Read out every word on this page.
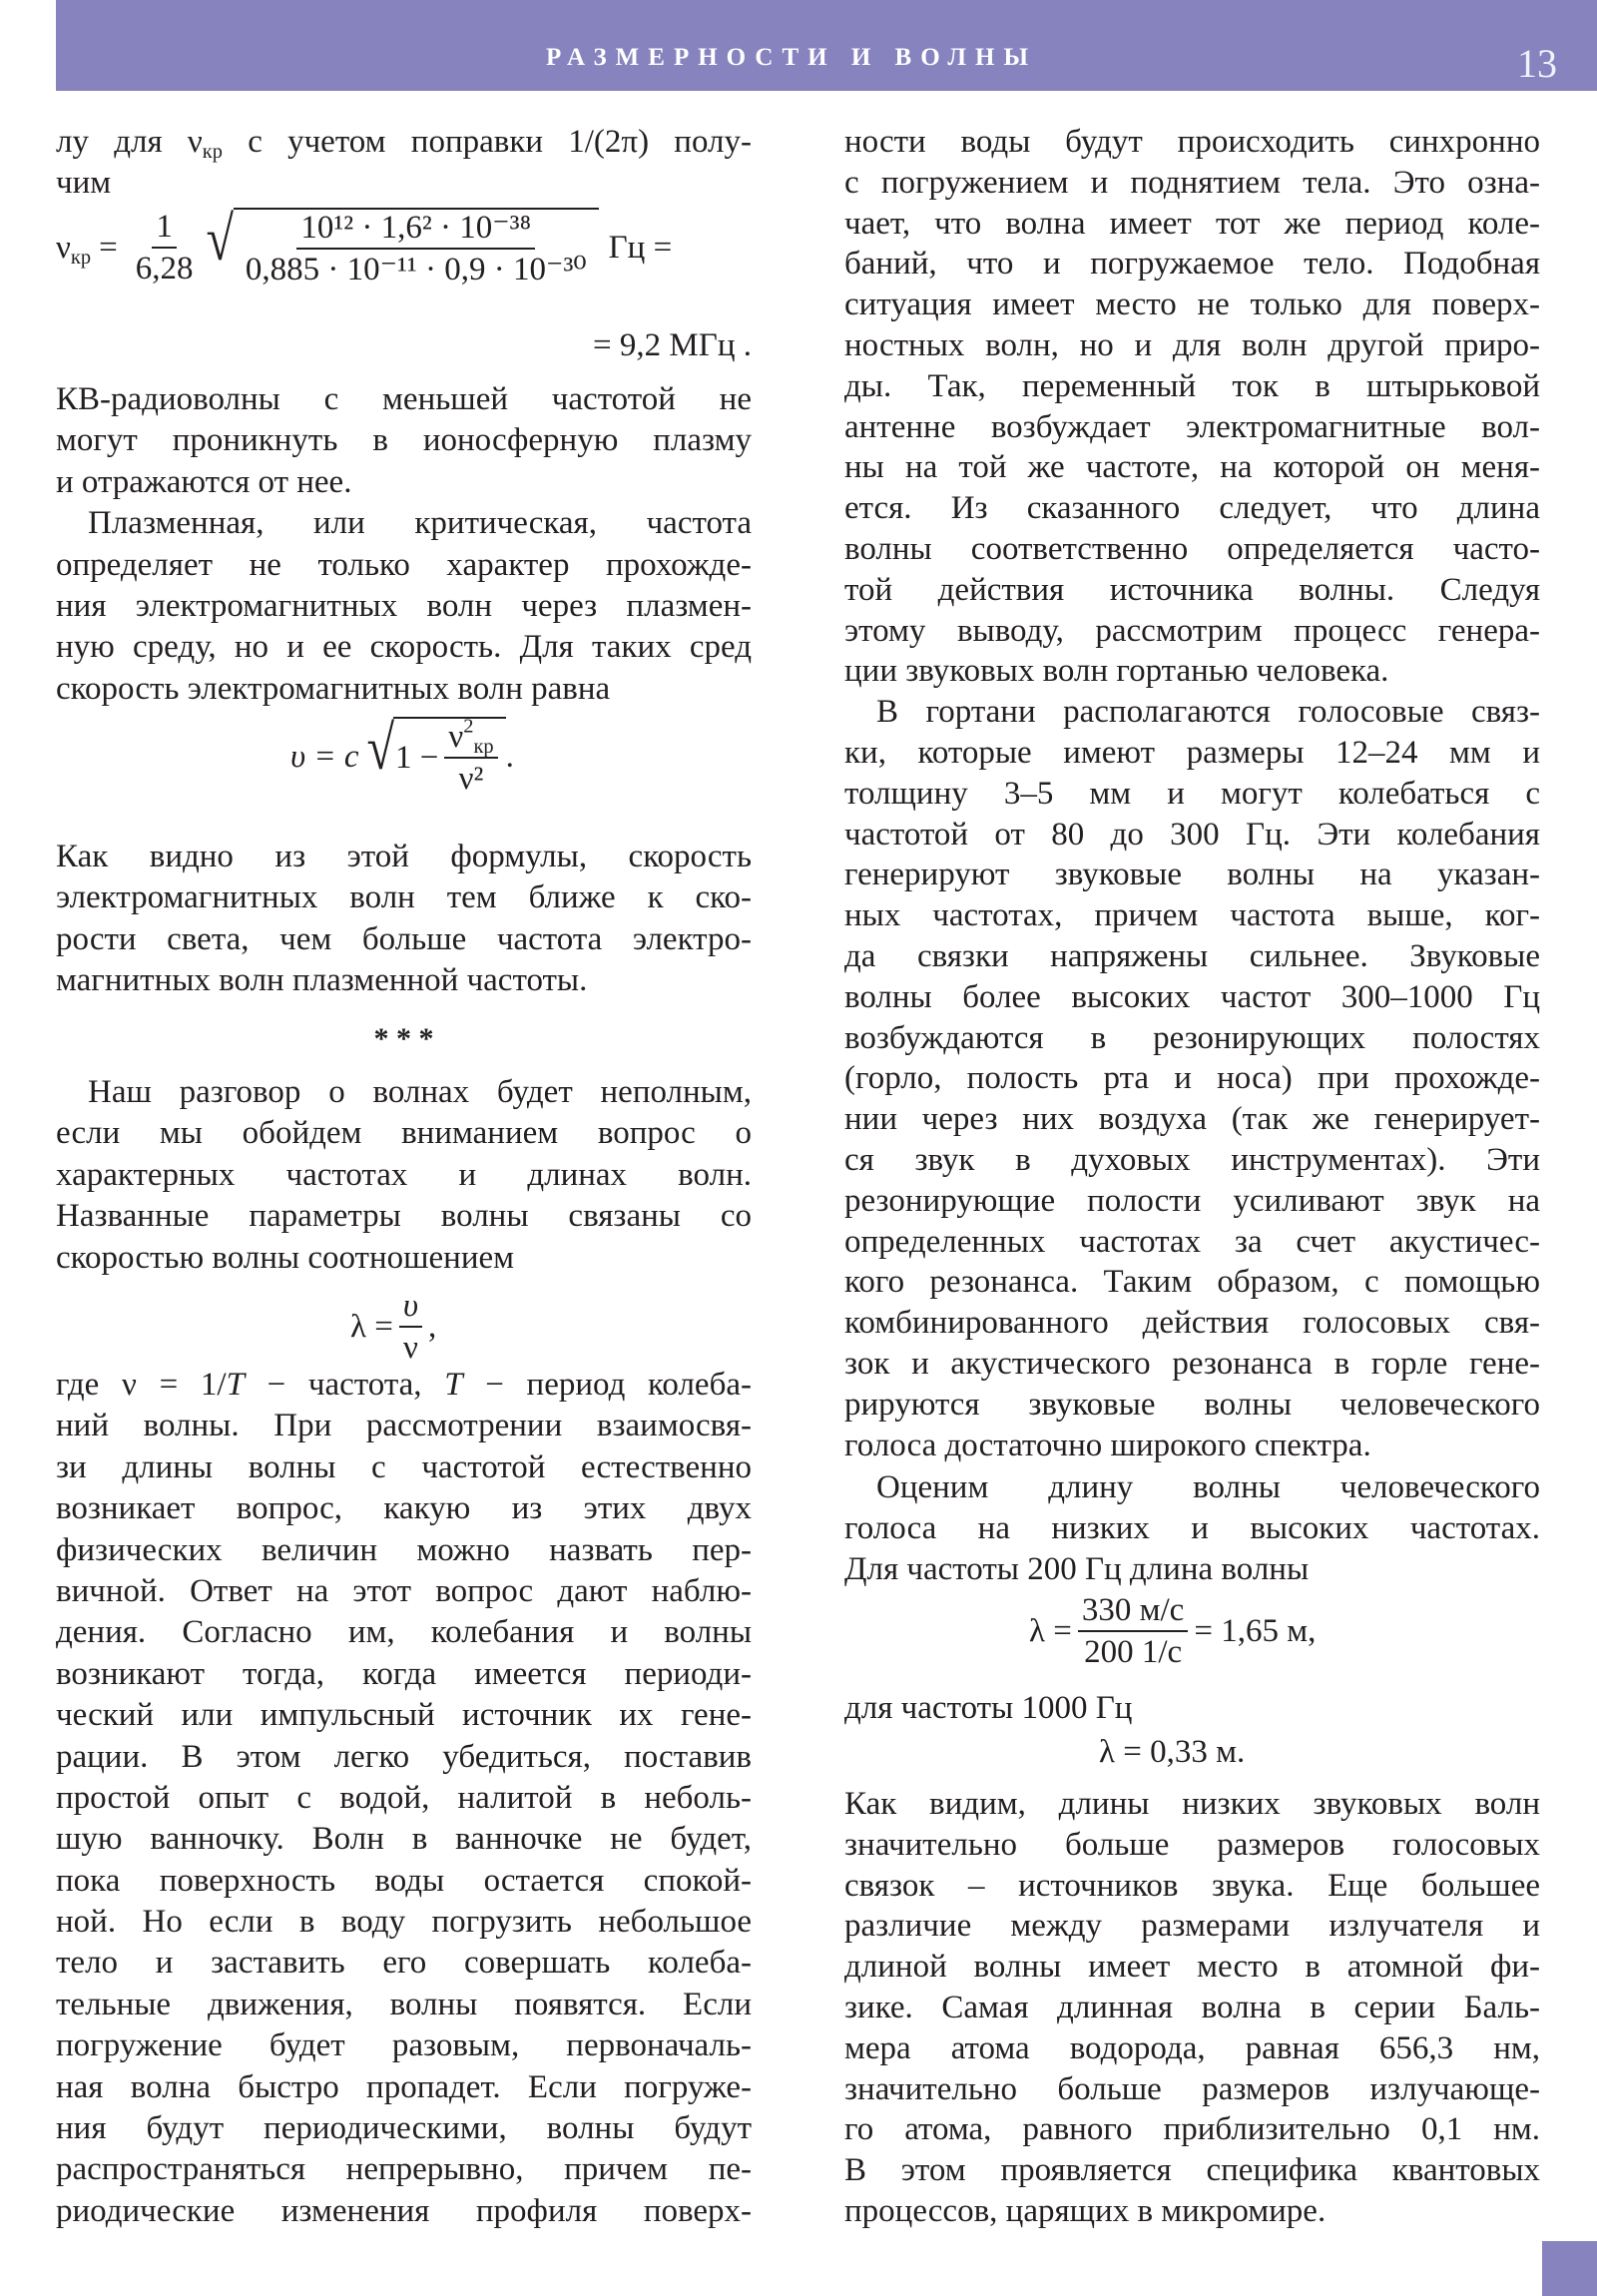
РАЗМЕРНОСТИ И ВОЛНЫ	13
лу для $\nu_{кр}$ с учетом поправки 1/(2π) полу-
чим
$\nu_{кр} = \frac{1}{6,28}$ √ $\frac{\text{10¹² · 1,6² · 10⁻³⁸}}{\text{0,885 · 10⁻¹¹ · 0,9 · 10⁻³⁰}}$ Гц =
= 9,2 МГц .
КВ-радиоволны с меньшей частотой не
могут проникнуть в ионосферную плазму
и отражаются от нее.
Плазменная, или критическая, частота
определяет не только характер прохожде-
ния электромагнитных волн через плазмен-
ную среду, но и ее скорость. Для таких сред
скорость электромагнитных волн равна
υ = c √ $1 - \frac{\nu^2_{кр}}{\text{ν²}}$ .
Как видно из этой формулы, скорость
электромагнитных волн тем ближе к ско-
рости света, чем больше частота электро-
магнитных волн плазменной частоты.
* * *
Наш разговор о волнах будет неполным,
если мы обойдем вниманием вопрос о
характерных частотах и длинах волн.
Названные параметры волны связаны со
скоростью волны соотношением
$\lambda = \frac{\upsilon}{\nu}$ ,
где ν = 1/T − частота, T − период колеба-
ний волны. При рассмотрении взаимосвя-
зи длины волны с частотой естественно
возникает вопрос, какую из этих двух
физических величин можно назвать пер-
вичной. Ответ на этот вопрос дают наблю-
дения. Согласно им, колебания и волны
возникают тогда, когда имеется периоди-
ческий или импульсный источник их гене-
рации. В этом легко убедиться, поставив
простой опыт с водой, налитой в неболь-
шую ванночку. Волн в ванночке не будет,
пока поверхность воды остается спокой-
ной. Но если в воду погрузить небольшое
тело и заставить его совершать колеба-
тельные движения, волны появятся. Если
погружение будет разовым, первоначаль-
ная волна быстро пропадет. Если погруже-
ния будут периодическими, волны будут
распространяться непрерывно, причем пе-
риодические изменения профиля поверх-
ности воды будут происходить синхронно
с погружением и поднятием тела. Это озна-
чает, что волна имеет тот же период коле-
баний, что и погружаемое тело. Подобная
ситуация имеет место не только для поверх-
ностных волн, но и для волн другой приро-
ды. Так, переменный ток в штырьковой
антенне возбуждает электромагнитные вол-
ны на той же частоте, на которой он меня-
ется. Из сказанного следует, что длина
волны соответственно определяется часто-
той действия источника волны. Следуя
этому выводу, рассмотрим процесс генера-
ции звуковых волн гортанью человека.
В гортани располагаются голосовые связ-
ки, которые имеют размеры 12–24 мм и
толщину 3–5 мм и могут колебаться с
частотой от 80 до 300 Гц. Эти колебания
генерируют звуковые волны на указан-
ных частотах, причем частота выше, ког-
да связки напряжены сильнее. Звуковые
волны более высоких частот 300–1000 Гц
возбуждаются в резонирующих полостях
(горло, полость рта и носа) при прохожде-
нии через них воздуха (так же генерирует-
ся звук в духовых инструментах). Эти
резонирующие полости усиливают звук на
определенных частотах за счет акустичес-
кого резонанса. Таким образом, с помощью
комбинированного действия голосовых свя-
зок и акустического резонанса в горле гене-
рируются звуковые волны человеческого
голоса достаточно широкого спектра.
Оценим длину волны человеческого
голоса на низких и высоких частотах.
Для частоты 200 Гц длина волны
$\lambda = \frac{330 м/с}{200 1/с} = 1,65$ м,
для частоты 1000 Гц
λ = 0,33 м.
Как видим, длины низких звуковых волн
значительно больше размеров голосовых
связок – источников звука. Еще большее
различие между размерами излучателя и
длиной волны имеет место в атомной фи-
зике. Самая длинная волна в серии Баль-
мера атома водорода, равная 656,3 нм,
значительно больше размеров излучающе-
го атома, равного приблизительно 0,1 нм.
В этом проявляется специфика квантовых
процессов, царящих в микромире.
